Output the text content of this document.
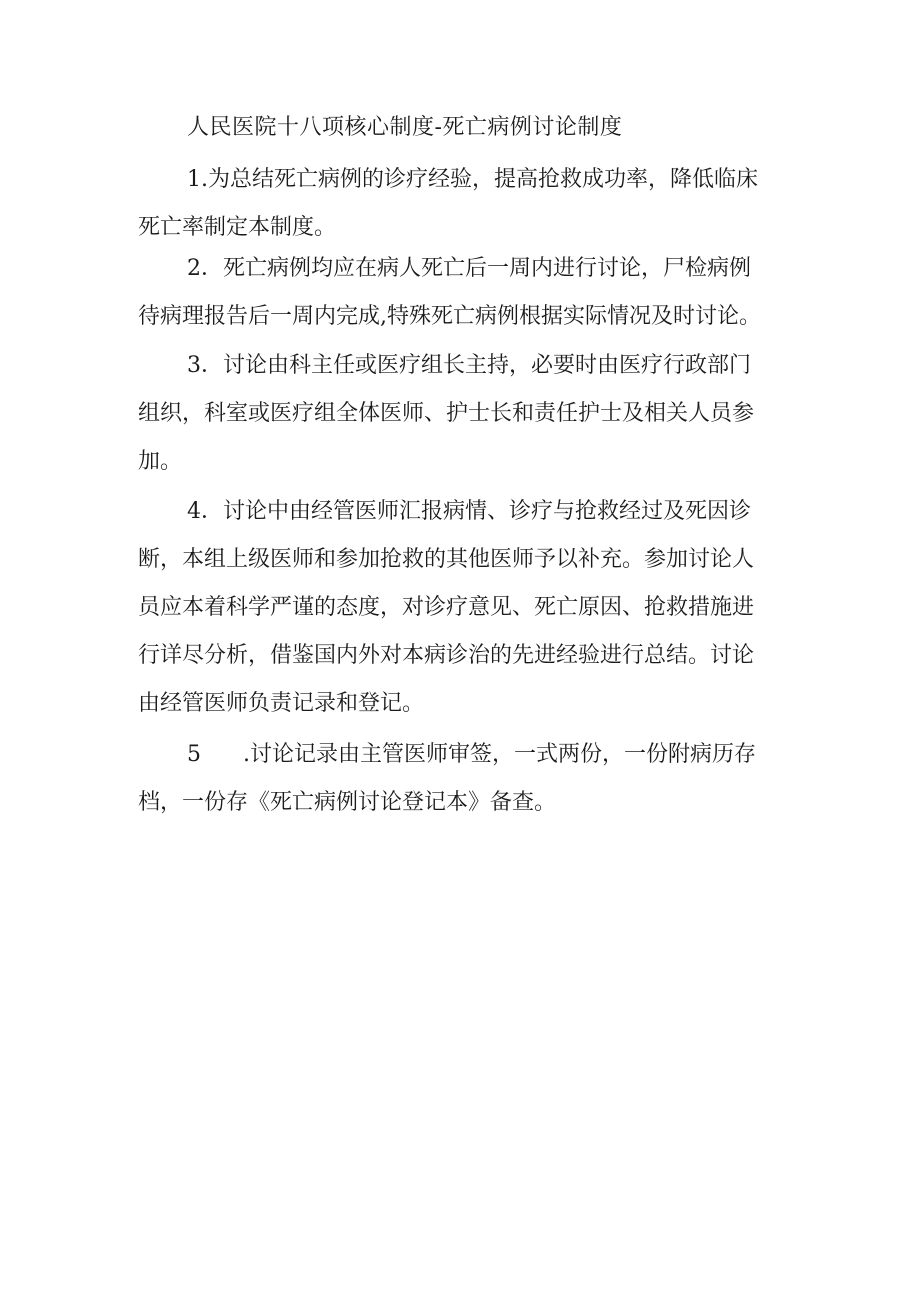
人民医院十八项核心制度-死亡病例讨论制度
1.为总结死亡病例的诊疗经验，提高抢救成功率，降低临床
死亡率制定本制度。
2．死亡病例均应在病人死亡后一周内进行讨论，尸检病例
待病理报告后一周内完成,特殊死亡病例根据实际情况及时讨论。
3．讨论由科主任或医疗组长主持，必要时由医疗行政部门
组织，科室或医疗组全体医师、护士长和责任护士及相关人员参
加。
4．讨论中由经管医师汇报病情、诊疗与抢救经过及死因诊
断，本组上级医师和参加抢救的其他医师予以补充。参加讨论人
员应本着科学严谨的态度，对诊疗意见、死亡原因、抢救措施进
行详尽分析，借鉴国内外对本病诊治的先进经验进行总结。讨论
由经管医师负责记录和登记。
5 .讨论记录由主管医师审签，一式两份，一份附病历存
档，一份存《死亡病例讨论登记本》备查。
